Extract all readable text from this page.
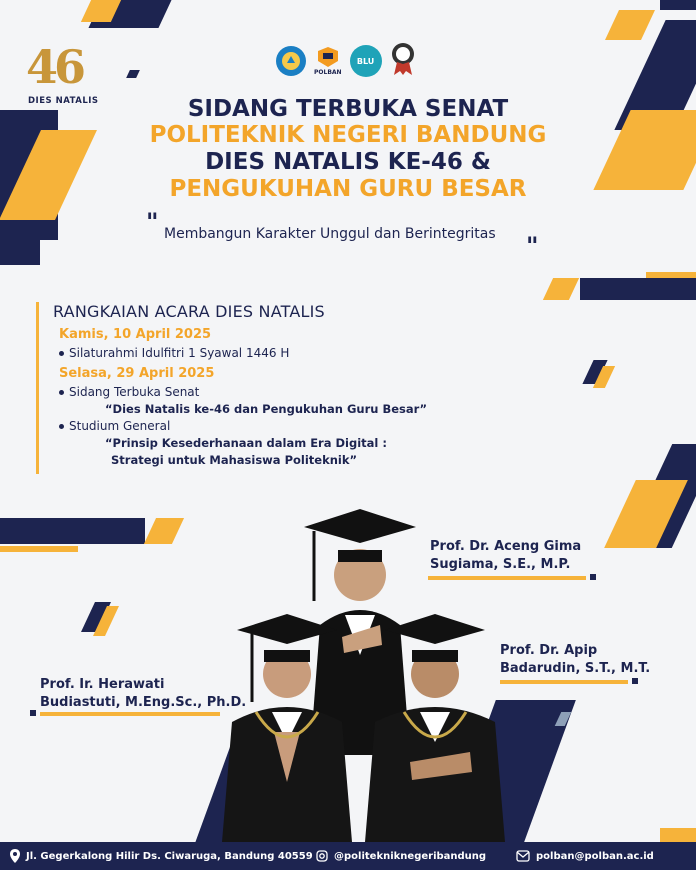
46
DIES NATALIS
POLBAN
BLU
SIDANG TERBUKA SENAT
POLITEKNIK NEGERI BANDUNG
DIES NATALIS KE-46 &
PENGUKUHAN GURU BESAR
" Membangun Karakter Unggul dan Berintegritas	"
RANGKAIAN ACARA DIES NATALIS
Kamis, 10 April 2025
Silaturahmi Idulfitri 1 Syawal 1446 H
Selasa, 29 April 2025
Sidang Terbuka Senat
“Dies Natalis ke-46 dan Pengukuhan Guru Besar”
Studium General
“Prinsip Kesederhanaan dalam Era Digital :
Strategi untuk Mahasiswa Politeknik”
Prof. Dr. Aceng Gima
Sugiama, S.E., M.P.
Prof. Dr. Apip
Badarudin, S.T., M.T.
Prof. Ir. Herawati
Budiastuti, M.Eng.Sc., Ph.D.
Jl. Gegerkalong Hilir Ds. Ciwaruga, Bandung 40559 @politekniknegeribandung	polban@polban.ac.id
